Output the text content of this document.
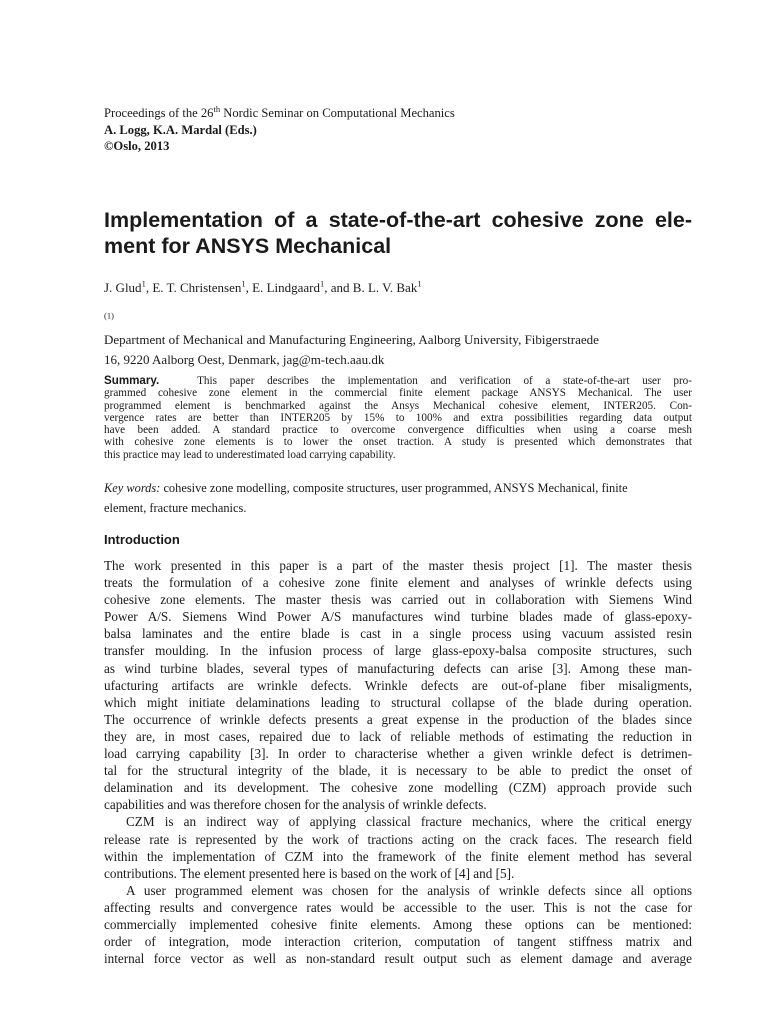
Proceedings of the 26th Nordic Seminar on Computational Mechanics
A. Logg, K.A. Mardal (Eds.)
©Oslo, 2013
Implementation of a state-of-the-art cohesive zone ele-
ment for ANSYS Mechanical
J. Glud$^1$, E. T. Christensen$^1$, E. Lindgaard$^1$, and B. L. V. Bak$^1$
$^{(1)}$
Department of Mechanical and Manufacturing Engineering, Aalborg University, Fibigerstraede
16, 9220 Aalborg Oest, Denmark, jag@m-tech.aau.dk
Summary.	This paper describes the implementation and verification of a state-of-the-art user pro-
grammed cohesive zone element in the commercial finite element package ANSYS Mechanical. The user
programmed element is benchmarked against the Ansys Mechanical cohesive element, INTER205. Con-
vergence rates are better than INTER205 by 15% to 100% and extra possibilities regarding data output
have been added. A standard practice to overcome convergence difficulties when using a coarse mesh
with cohesive zone elements is to lower the onset traction. A study is presented which demonstrates that
this practice may lead to underestimated load carrying capability.
Key words: cohesive zone modelling, composite structures, user programmed, ANSYS Mechanical, finite
element, fracture mechanics.
Introduction
The work presented in this paper is a part of the master thesis project [1]. The master thesis
treats the formulation of a cohesive zone finite element and analyses of wrinkle defects using
cohesive zone elements. The master thesis was carried out in collaboration with Siemens Wind
Power A/S. Siemens Wind Power A/S manufactures wind turbine blades made of glass-epoxy-
balsa laminates and the entire blade is cast in a single process using vacuum assisted resin
transfer moulding. In the infusion process of large glass-epoxy-balsa composite structures, such
as wind turbine blades, several types of manufacturing defects can arise [3]. Among these man-
ufacturing artifacts are wrinkle defects. Wrinkle defects are out-of-plane fiber misaligments,
which might initiate delaminations leading to structural collapse of the blade during operation.
The occurrence of wrinkle defects presents a great expense in the production of the blades since
they are, in most cases, repaired due to lack of reliable methods of estimating the reduction in
load carrying capability [3]. In order to characterise whether a given wrinkle defect is detrimen-
tal for the structural integrity of the blade, it is necessary to be able to predict the onset of
delamination and its development. The cohesive zone modelling (CZM) approach provide such
capabilities and was therefore chosen for the analysis of wrinkle defects.
CZM is an indirect way of applying classical fracture mechanics, where the critical energy
release rate is represented by the work of tractions acting on the crack faces. The research field
within the implementation of CZM into the framework of the finite element method has several
contributions. The element presented here is based on the work of [4] and [5].
A user programmed element was chosen for the analysis of wrinkle defects since all options
affecting results and convergence rates would be accessible to the user. This is not the case for
commercially implemented cohesive finite elements. Among these options can be mentioned:
order of integration, mode interaction criterion, computation of tangent stiffness matrix and
internal force vector as well as non-standard result output such as element damage and average
